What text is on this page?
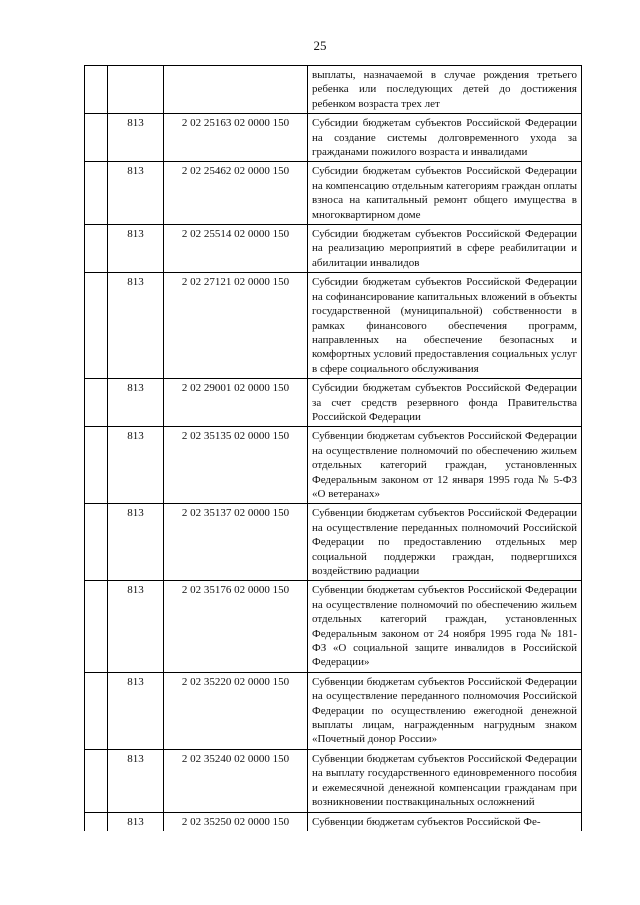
25
			выплаты, назначаемой в случае рождения третьего ребенка или последующих детей до достижения ребенком возраста трех лет
	813	2 02 25163 02 0000 150	Субсидии бюджетам субъектов Российской Федерации на создание системы долговременного ухода за гражданами пожилого возраста и инвалидами
	813	2 02 25462 02 0000 150	Субсидии бюджетам субъектов Российской Федерации на компенсацию отдельным категориям граждан оплаты взноса на капитальный ремонт общего имущества в многоквартирном доме
	813	2 02 25514 02 0000 150	Субсидии бюджетам субъектов Российской Федерации на реализацию мероприятий в сфере реабилитации и абилитации инвалидов
	813	2 02 27121 02 0000 150	Субсидии бюджетам субъектов Российской Федерации на софинансирование капитальных вложений в объекты государственной (муниципальной) собственности в рамках финансового обеспечения программ, направленных на обеспечение безопасных и комфортных условий предоставления социальных услуг в сфере социального обслуживания
	813	2 02 29001 02 0000 150	Субсидии бюджетам субъектов Российской Федерации за счет средств резервного фонда Правительства Российской Федерации
	813	2 02 35135 02 0000 150	Субвенции бюджетам субъектов Российской Федерации на осуществление полномочий по обеспечению жильем отдельных категорий граждан, установленных Федеральным законом от 12 января 1995 года № 5-ФЗ «О ветеранах»
	813	2 02 35137 02 0000 150	Субвенции бюджетам субъектов Российской Федерации на осуществление переданных полномочий Российской Федерации по предоставлению отдельных мер социальной поддержки граждан, подвергшихся воздействию радиации
	813	2 02 35176 02 0000 150	Субвенции бюджетам субъектов Российской Федерации на осуществление полномочий по обеспечению жильем отдельных категорий граждан, установленных Федеральным законом от 24 ноября 1995 года № 181-ФЗ «О социальной защите инвалидов в Российской Федерации»
	813	2 02 35220 02 0000 150	Субвенции бюджетам субъектов Российской Федерации на осуществление переданного полномочия Российской Федерации по осуществлению ежегодной денежной выплаты лицам, награжденным нагрудным знаком «Почетный донор России»
	813	2 02 35240 02 0000 150	Субвенции бюджетам субъектов Российской Федерации на выплату государственного единовременного пособия и ежемесячной денежной компенсации гражданам при возникновении поствакцинальных осложнений
	813	2 02 35250 02 0000 150	Субвенции бюджетам субъектов Российской Фе-
